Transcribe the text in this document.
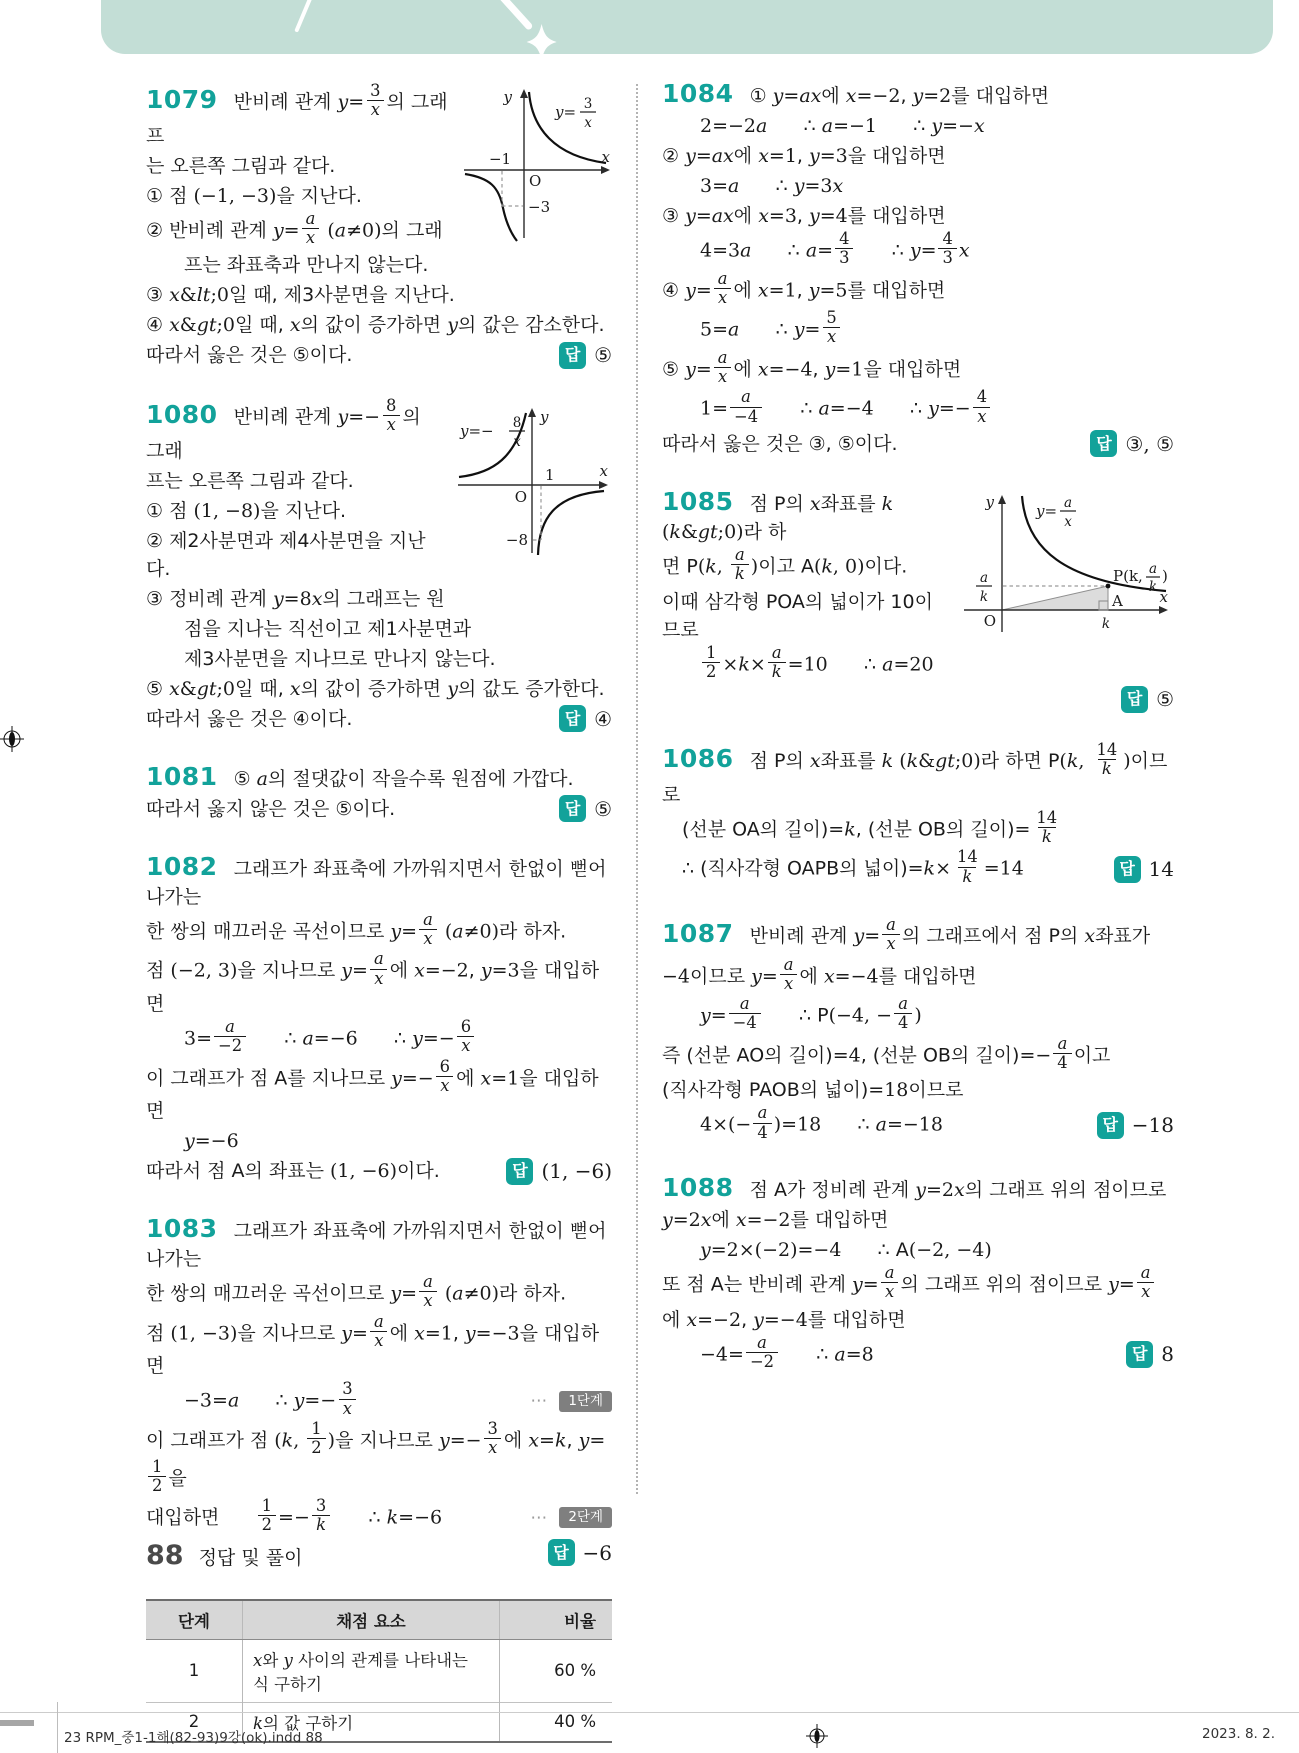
y
x
O
−1
−3
y= 3
x
1079 반비례 관계 $y= \frac{3}{x}$ 의 그래프
는 오른쪽 그림과 같다.
① 점 (−1, −3)을 지난다.
② 반비례 관계 $y= \frac{a}{x} (a\ne 0)$의 그래
프는 좌표축과 만나지 않는다.
③ x&lt;0일 때, 제3사분면을 지난다.
④ x&gt;0일 때, x의 값이 증가하면 y의 값은 감소한다.
따라서 옳은 것은 ⑤이다.	답 ⑤
y
x
O
1
−8
y=− 8
x
1080 반비례 관계 $y=- \frac{8}{x}$ 의 그래
프는 오른쪽 그림과 같다.
① 점 (1, −8)을 지난다.
② 제2사분면과 제4사분면을 지난다.
③ 정비례 관계 y=8x의 그래프는 원
점을 지나는 직선이고 제1사분면과
제3사분면을 지나므로 만나지 않는다.
⑤ x&gt;0일 때, x의 값이 증가하면 y의 값도 증가한다.
따라서 옳은 것은 ④이다.	답 ④
1081 ⑤ a의 절댓값이 작을수록 원점에 가깝다.
따라서 옳지 않은 것은 ⑤이다.	답 ⑤
1082 그래프가 좌표축에 가까워지면서 한없이 뻗어 나가는
한 쌍의 매끄러운 곡선이므로 $y= \frac{a}{x} (a\ne 0)$라 하자.
점 (−2, 3)을 지나므로 $y= \frac{a}{x}$ 에 x=−2, y=3을 대입하면
$3= \frac{a}{-2}$ ∴ a=−6      ∴ $y=- \frac{6}{x}$
이 그래프가 점 A를 지나므로 $y=- \frac{6}{x}$ 에 x=1을 대입하면
y=−6
따라서 점 A의 좌표는 (1, −6)이다.	답 (1, −6)
1083 그래프가 좌표축에 가까워지면서 한없이 뻗어 나가는
한 쌍의 매끄러운 곡선이므로 $y= \frac{a}{x} (a\ne 0)$라 하자.
점 (1, −3)을 지나므로 $y= \frac{a}{x}$ 에 x=1, y=−3을 대입하면
−3=a      ∴ $y=- \frac{3}{x}$	⋯	1단계
이 그래프가 점 (k, $\frac{1}{2}$ )을 지나므로 $y=- \frac{3}{x}$ 에 x=k, y=
$\frac{1}{2}$ 을
대입하면 $\frac{1}{2} =- \frac{3}{k}$ ∴ k=−6	⋯	2단계
답 −6
단계	채점 요소	비율
1	x와 y 사이의 관계를 나타내는 식 구하기	60 %
2	k의 값 구하기	40 %
1084 ① y=ax에 x=−2, y=2를 대입하면
2=−2a      ∴ a=−1      ∴ y=−x
② y=ax에 x=1, y=3을 대입하면
3=a      ∴ y=3x
③ y=ax에 x=3, y=4를 대입하면
4=3a      ∴ $a= \frac{4}{3}$ ∴ $y= \frac{4}{3}$ x
④ $y= \frac{a}{x}$ 에 x=1, y=5를 대입하면
5=a      ∴ $y= \frac{5}{x}$
⑤ $y= \frac{a}{x}$ 에 x=−4, y=1을 대입하면
$1= \frac{a}{-4}$ ∴ a=−4      ∴ $y=- \frac{4}{x}$
따라서 옳은 것은 ③, ⑤이다.	답 ③, ⑤
y
x
O	k
a
k
y= a
x
P(k, a
k
)
A
1085 점 P의 x좌표를 k (k&gt;0)라 하
면 P(k, $\frac{a}{k}$ )이고 A(k, 0)이다.
이때 삼각형 POA의 넓이가 10이므로
$\frac{1}{2} \times k\times \frac{a}{k} =10$      ∴ a=20
답 ⑤
1086 점 P의 x좌표를 k (k&gt;0)라 하면 P(k, $\frac{14}{k}$ )이므로
(선분 OA의 길이)=k, (선분 OB의 길이)= $\frac{14}{k}$
∴ (직사각형 OAPB의 넓이)$=k\times \frac{14}{k} =14$	답 14
1087 반비례 관계 $y= \frac{a}{x}$ 의 그래프에서 점 P의 x좌표가
−4이므로 $y= \frac{a}{x}$ 에 x=−4를 대입하면
$y= \frac{a}{-4}$ ∴ P(−4, − $\frac{a}{4}$ )
즉 (선분 AO의 길이)=4, (선분 OB의 길이)=− $\frac{a}{4}$ 이고
(직사각형 PAOB의 넓이)=18이므로
$4\times(- \frac{a}{4} )=18$      ∴ a=−18	답 −18
1088 점 A가 정비례 관계 y=2x의 그래프 위의 점이므로
y=2x에 x=−2를 대입하면
y=2×(−2)=−4      ∴ A(−2, −4)
또 점 A는 반비례 관계 $y= \frac{a}{x}$ 의 그래프 위의 점이므로 $y= \frac{a}{x}$
에 x=−2, y=−4를 대입하면
$-4= \frac{a}{-2}$ ∴ a=8	답 8
88 정답 및 풀이
23 RPM_중1-1해(82-93)9강(ok).indd 88	2023. 8. 2.
